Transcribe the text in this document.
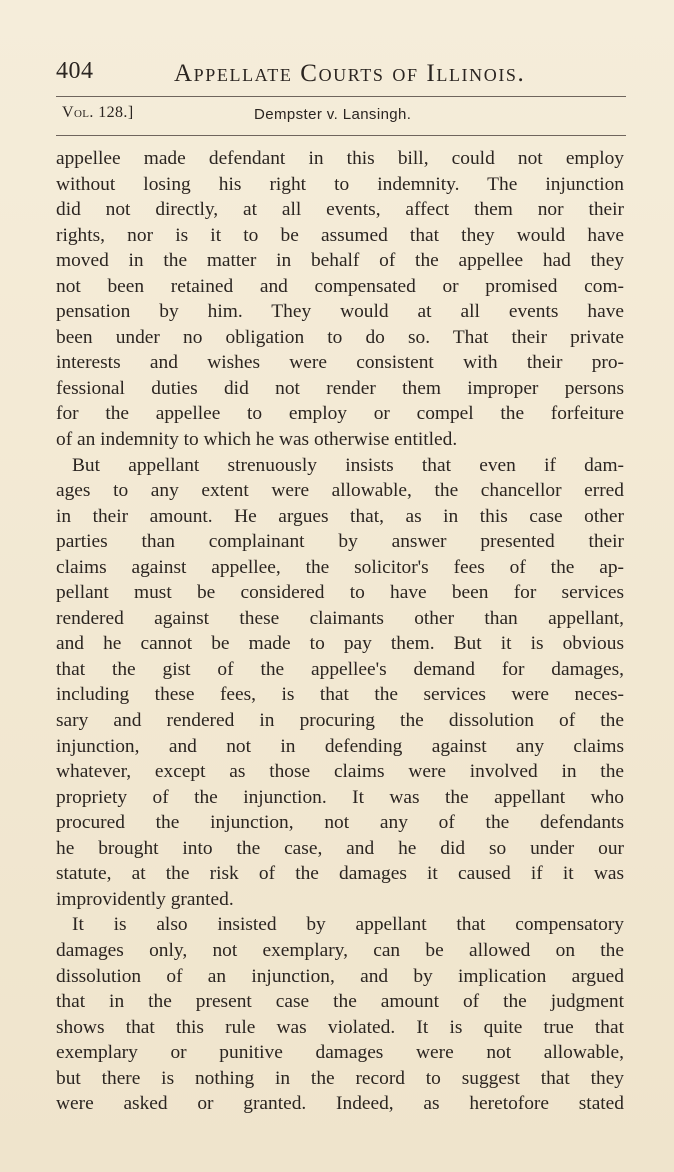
404	Appellate Courts of Illinois.
Vol. 128.]	Dempster v. Lansingh.
appellee made defendant in this bill, could not employ
without losing his right to indemnity. The injunction
did not directly, at all events, affect them nor their
rights, nor is it to be assumed that they would have
moved in the matter in behalf of the appellee had they
not been retained and compensated or promised com-
pensation by him. They would at all events have
been under no obligation to do so. That their private
interests and wishes were consistent with their pro-
fessional duties did not render them improper persons
for the appellee to employ or compel the forfeiture
of an indemnity to which he was otherwise entitled.
But appellant strenuously insists that even if dam-
ages to any extent were allowable, the chancellor erred
in their amount. He argues that, as in this case other
parties than complainant by answer presented their
claims against appellee, the solicitor's fees of the ap-
pellant must be considered to have been for services
rendered against these claimants other than appellant,
and he cannot be made to pay them. But it is obvious
that the gist of the appellee's demand for damages,
including these fees, is that the services were neces-
sary and rendered in procuring the dissolution of the
injunction, and not in defending against any claims
whatever, except as those claims were involved in the
propriety of the injunction. It was the appellant who
procured the injunction, not any of the defendants
he brought into the case, and he did so under our
statute, at the risk of the damages it caused if it was
improvidently granted.
It is also insisted by appellant that compensatory
damages only, not exemplary, can be allowed on the
dissolution of an injunction, and by implication argued
that in the present case the amount of the judgment
shows that this rule was violated. It is quite true that
exemplary or punitive damages were not allowable,
but there is nothing in the record to suggest that they
were asked or granted. Indeed, as heretofore stated
